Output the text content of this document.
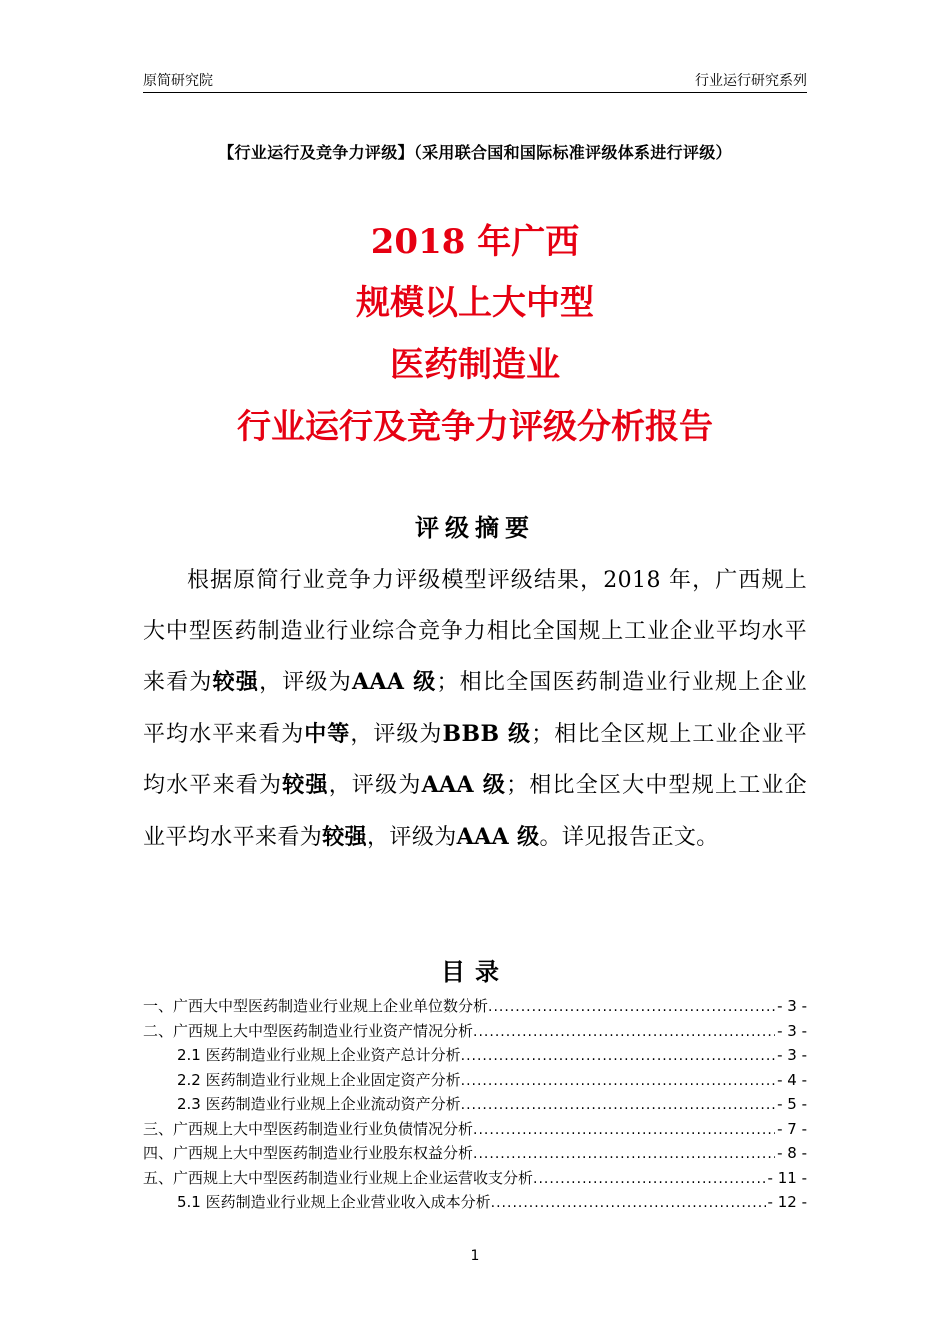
原简研究院	行业运行研究系列
【行业运行及竞争力评级】（采用联合国和国际标准评级体系进行评级）
2018 年广西
规模以上大中型
医药制造业
行业运行及竞争力评级分析报告
评级摘要
根据原简行业竞争力评级模型评级结果，2018 年，广西规上大中型医药制造业行业综合竞争力相比全国规上工业企业平均水平来看为较强，评级为AAA 级；相比全国医药制造业行业规上企业平均水平来看为中等，评级为BBB 级；相比全区规上工业企业平均水平来看为较强，评级为AAA 级；相比全区大中型规上工业企业平均水平来看为较强，评级为AAA 级。详见报告正文。
目录
一、广西大中型医药制造业行业规上企业单位数分析 .....	- 3 -
二、广西规上大中型医药制造业行业资产情况分析 .....	- 3 -
2.1 医药制造业行业规上企业资产总计分析 .....	- 3 -
2.2 医药制造业行业规上企业固定资产分析 .....	- 4 -
2.3 医药制造业行业规上企业流动资产分析 .....	- 5 -
三、广西规上大中型医药制造业行业负债情况分析 .....	- 7 -
四、广西规上大中型医药制造业行业股东权益分析 .....	- 8 -
五、广西规上大中型医药制造业行业规上企业运营收支分析 .....	- 11 -
5.1 医药制造业行业规上企业营业收入成本分析 .....	- 12 -
1
